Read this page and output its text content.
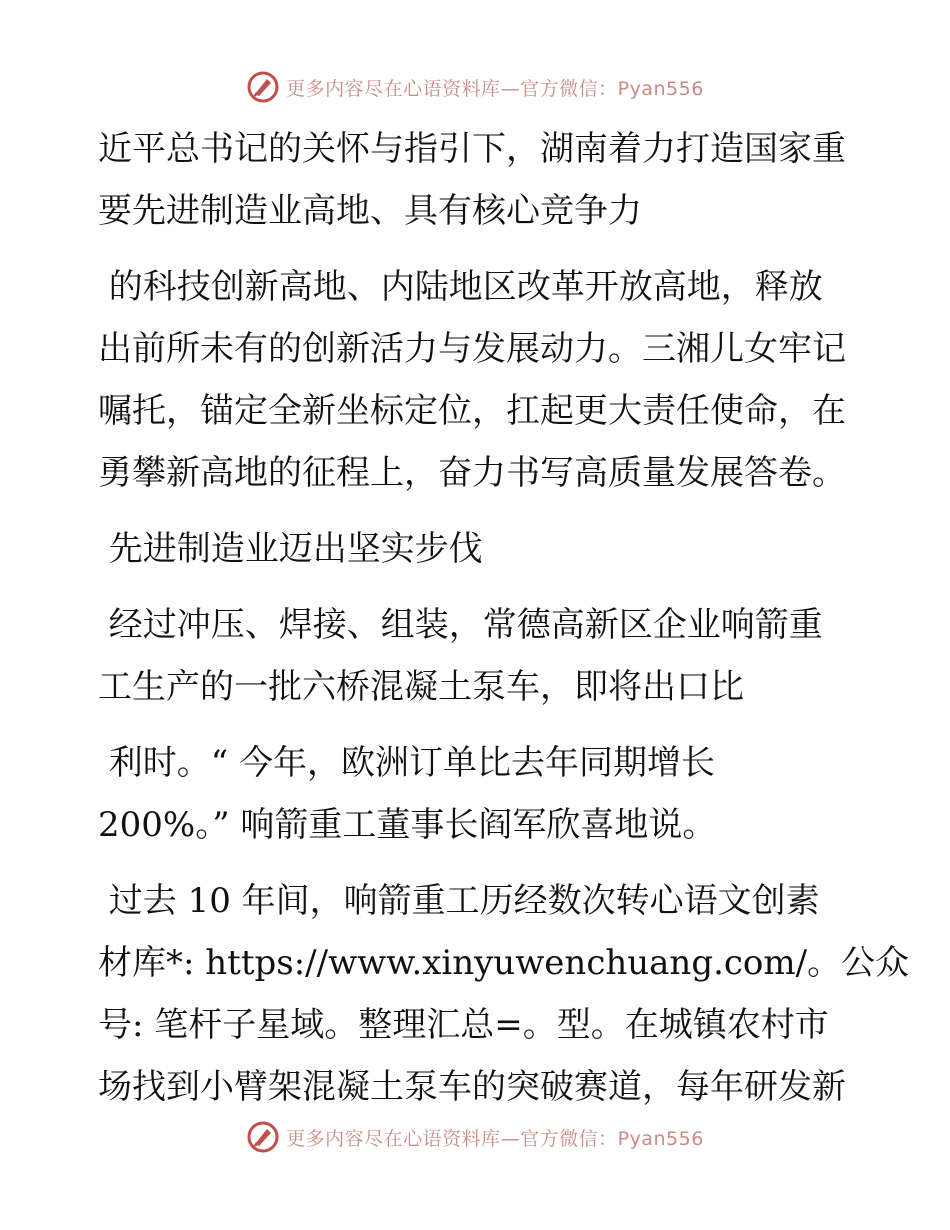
更多内容尽在心语资料库—官方微信：Pyan556

近平总书记的关怀与指引下，湖南着力打造国家重

要先进制造业高地、具有核心竞争力

的科技创新高地、内陆地区改革开放高地，释放

出前所未有的创新活力与发展动力。三湘儿女牢记

嘱托，锚定全新坐标定位，扛起更大责任使命，在

勇攀新高地的征程上，奋力书写高质量发展答卷。

先进制造业迈出坚实步伐

经过冲压、焊接、组装，常德高新区企业响箭重

工生产的一批六桥混凝土泵车，即将出口比

利时。“ 今年，欧洲订单比去年同期增长

200%。” 响箭重工董事长阎军欣喜地说。

过去 10 年间，响箭重工历经数次转心语文创素

材库*: https://www.xinyuwenchuang.com/。公众

号: 笔杆子星域。整理汇总=。型。在城镇农村市

场找到小臂架混凝土泵车的突破赛道，每年研发新

更多内容尽在心语资料库—官方微信：Pyan556
